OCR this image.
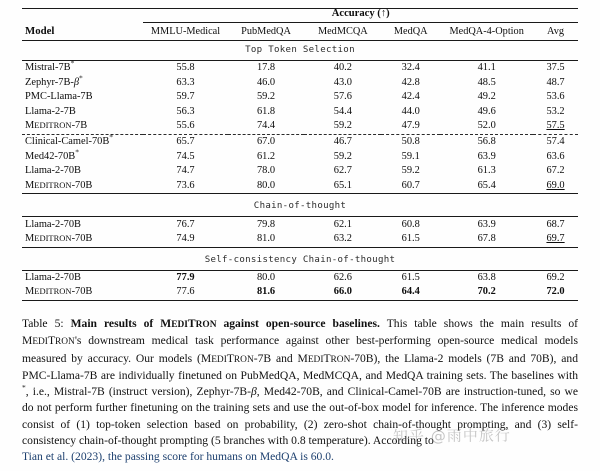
	Accuracy (↑)					

Model	MMLU-Medical	PubMedQA	MedMCQA	MedQA	MedQA-4-Option	Avg

Top Token Selection						

Mistral-7B*	55.8	17.8	40.2	32.4	41.1	37.5
Zephyr-7B-β*	63.3	46.0	43.0	42.8	48.5	48.7
PMC-Llama-7B	59.7	59.2	57.6	42.4	49.2	53.6
Llama-2-7B	56.3	61.8	54.4	44.0	49.6	53.2
MEDITRON-7B	55.6	74.4	59.2	47.9	52.0	57.5

Clinical-Camel-70B*	65.7	67.0	46.7	50.8	56.8	57.4
Med42-70B*	74.5	61.2	59.2	59.1	63.9	63.6
Llama-2-70B	74.7	78.0	62.7	59.2	61.3	67.2
MEDITRON-70B	73.6	80.0	65.1	60.7	65.4	69.0

Chain-of-thought						

Llama-2-70B	76.7	79.8	62.1	60.8	63.9	68.7
MEDITRON-70B	74.9	81.0	63.2	61.5	67.8	69.7

Self-consistency Chain-of-thought						

Llama-2-70B	77.9	80.0	62.6	61.5	63.8	69.2
MEDITRON-70B	77.6	81.6	66.0	64.4	70.2	72.0

Table 5: Main results of MEDITRON against open-source baselines. This table shows the main results of MEDITRON's downstream medical task performance against other best-performing open-source medical models measured by accuracy. Our models (MEDITRON-7B and MEDITRON-70B), the Llama-2 models (7B and 70B), and PMC-Llama-7B are individually finetuned on PubMedQA, MedMCQA, and MedQA training sets. The baselines with *, i.e., Mistral-7B (instruct version), Zephyr-7B-β, Med42-70B, and Clinical-Camel-70B are instruction-tuned, so we do not perform further finetuning on the training sets and use the out-of-box model for inference. The inference modes consist of (1) top-token selection based on probability, (2) zero-shot chain-of-thought prompting, and (3) self-consistency chain-of-thought prompting (5 branches with 0.8 temperature). According to
Tian et al. (2023), the passing score for humans on MedQA is 60.0.
知乎 @雨中旅行
